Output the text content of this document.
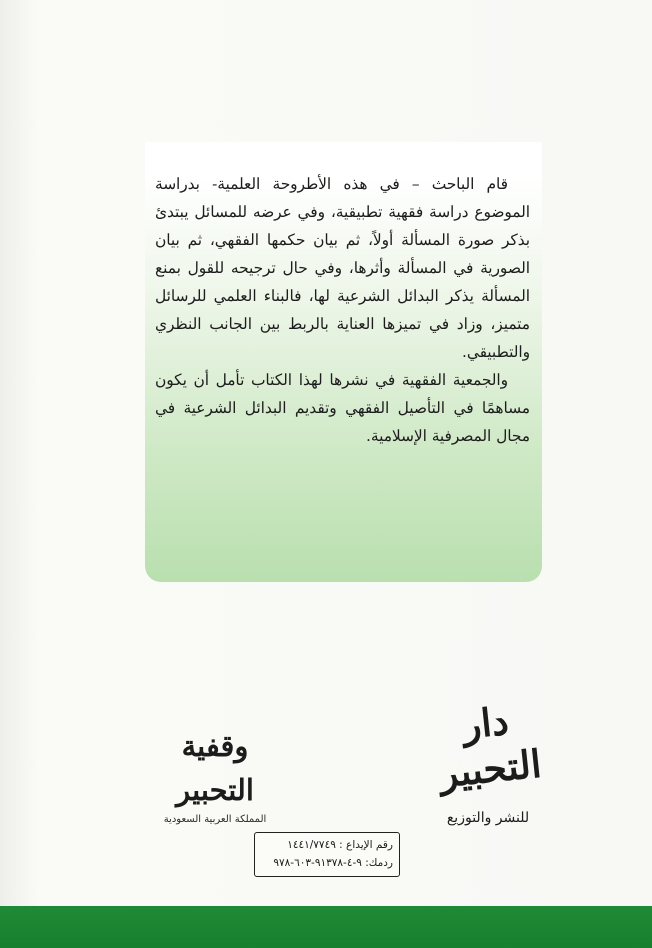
قام الباحث – في هذه الأطروحة العلمية- بدراسة الموضوع دراسة فقهية تطبيقية، وفي عرضه للمسائل يبتدئ بذكر صورة المسألة أولاً، ثم بيان حكمها الفقهي، ثم بيان الصورية في المسألة وأثرها، وفي حال ترجيحه للقول بمنع المسألة يذكر البدائل الشرعية لها، فالبناء العلمي للرسائل متميز، وزاد في تميزها العناية بالربط بين الجانب النظري والتطبيقي.

والجمعية الفقهية في نشرها لهذا الكتاب تأمل أن يكون مساهمًا في التأصيل الفقهي وتقديم البدائل الشرعية في مجال المصرفية الإسلامية.

وقفية التحبير
المملكة العربية السعودية
دار التحبير
للنشر والتوزيع
رقم الإيداع : ١٤٤١/٧٧٤٩
ردمك: ٩-٤-٩١٣٧٨-٦٠٣-٩٧٨
